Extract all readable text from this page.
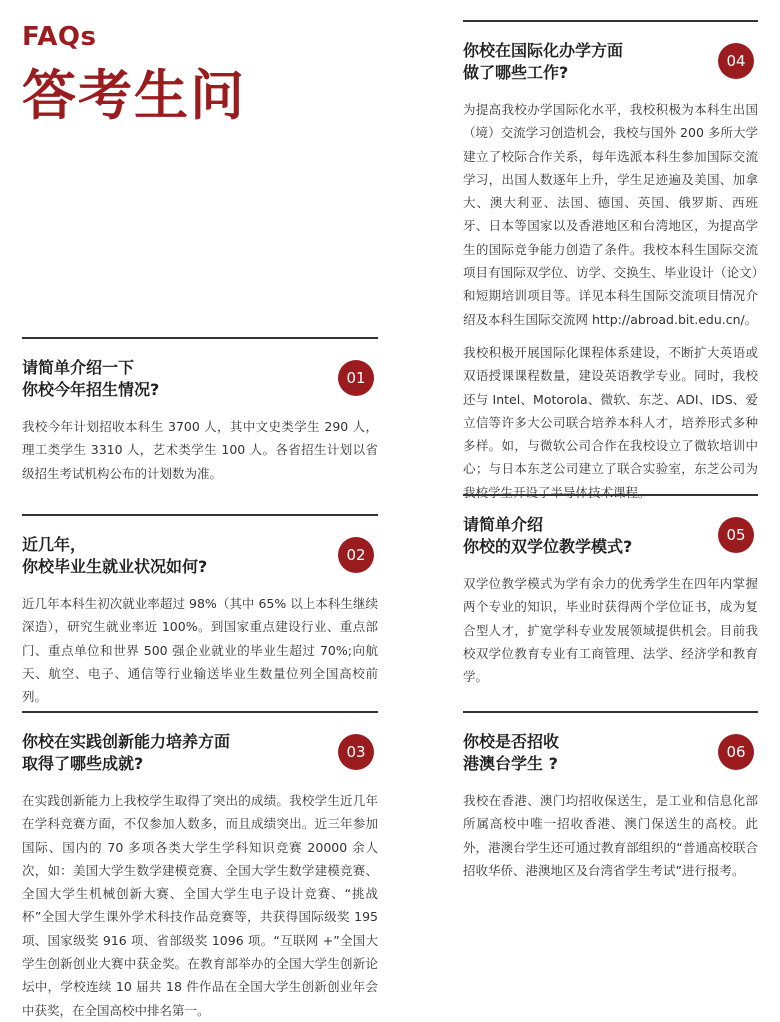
FAQs
答考生问
请简单介绍一下
你校今年招生情况?
01

我校今年计划招收本科生 3700 人，其中文史类学生 290 人，理工类学生 3310 人，艺术类学生 100 人。各省招生计划以省级招生考试机构公布的计划数为准。

近几年，
你校毕业生就业状况如何?
02

近几年本科生初次就业率超过 98%（其中 65% 以上本科生继续深造），研究生就业率近 100%。到国家重点建设行业、重点部门、重点单位和世界 500 强企业就业的毕业生超过 70%;向航天、航空、电子、通信等行业输送毕业生数量位列全国高校前列。

你校在实践创新能力培养方面
取得了哪些成就?
03

在实践创新能力上我校学生取得了突出的成绩。我校学生近几年在学科竞赛方面，不仅参加人数多，而且成绩突出。近三年参加国际、国内的 70 多项各类大学生学科知识竞赛 20000 余人次，如：美国大学生数学建模竞赛、全国大学生数学建模竞赛、全国大学生机械创新大赛、全国大学生电子设计竞赛、“挑战杯”全国大学生课外学术科技作品竞赛等，共获得国际级奖 195 项、国家级奖 916 项、省部级奖 1096 项。“互联网 +”全国大学生创新创业大赛中获金奖。在教育部举办的全国大学生创新论坛中，学校连续 10 届共 18 件作品在全国大学生创新创业年会中获奖，在全国高校中排名第一。

你校在国际化办学方面
做了哪些工作?
04

为提高我校办学国际化水平，我校积极为本科生出国（境）交流学习创造机会，我校与国外 200 多所大学建立了校际合作关系，每年选派本科生参加国际交流学习，出国人数逐年上升，学生足迹遍及美国、加拿大、澳大利亚、法国、德国、英国、俄罗斯、西班牙、日本等国家以及香港地区和台湾地区，为提高学生的国际竞争能力创造了条件。我校本科生国际交流项目有国际双学位、访学、交换生、毕业设计（论文）和短期培训项目等。详见本科生国际交流项目情况介绍及本科生国际交流网 http://abroad.bit.edu.cn/。

我校积极开展国际化课程体系建设，不断扩大英语或双语授课课程数量，建设英语教学专业。同时，我校还与 Intel、Motorola、微软、东芝、ADI、IDS、爱立信等许多大公司联合培养本科人才，培养形式多种多样。如，与微软公司合作在我校设立了微软培训中心；与日本东芝公司建立了联合实验室，东芝公司为我校学生开设了半导体技术课程。

请简单介绍
你校的双学位教学模式?
05

双学位教学模式为学有余力的优秀学生在四年内掌握两个专业的知识，毕业时获得两个学位证书，成为复合型人才，扩宽学科专业发展领域提供机会。目前我校双学位教育专业有工商管理、法学、经济学和教育学。

你校是否招收
港澳台学生 ?
06

我校在香港、澳门均招收保送生，是工业和信息化部所属高校中唯一招收香港、澳门保送生的高校。此外，港澳台学生还可通过教育部组织的“普通高校联合招收华侨、港澳地区及台湾省学生考试”进行报考。
